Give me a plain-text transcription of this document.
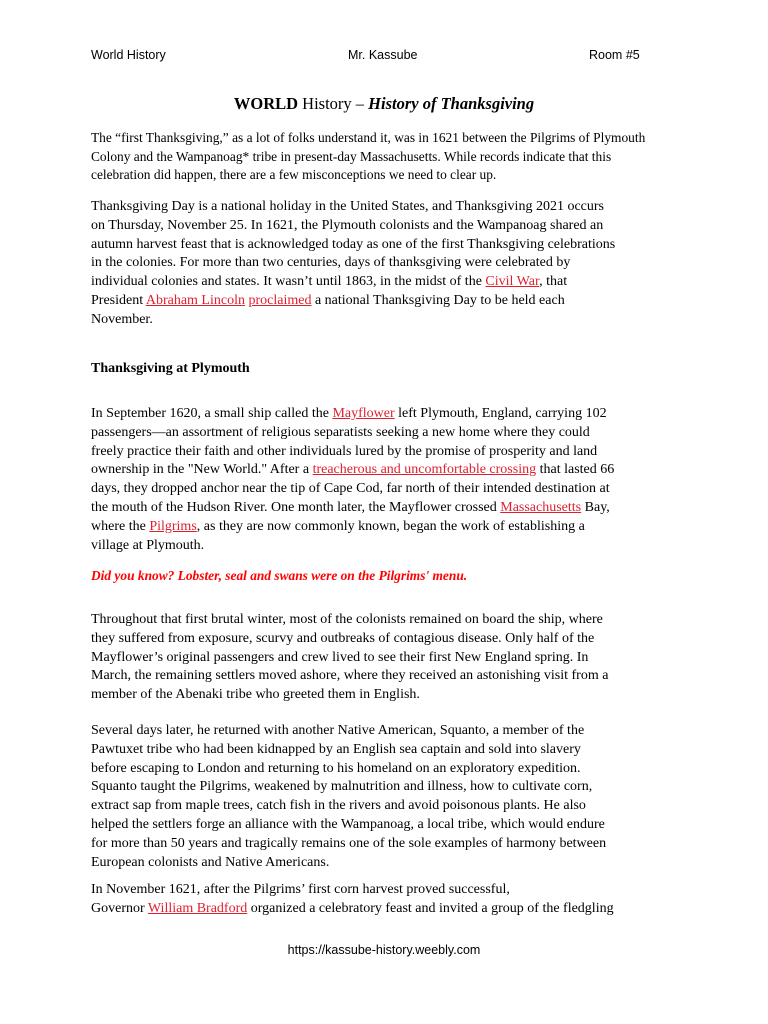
World History	Mr. Kassube	Room #5
WORLD History – History of Thanksgiving
The “first Thanksgiving,” as a lot of folks understand it, was in 1621 between the Pilgrims of Plymouth
Colony and the Wampanoag* tribe in present-day Massachusetts. While records indicate that this
celebration did happen, there are a few misconceptions we need to clear up.
Thanksgiving Day is a national holiday in the United States, and Thanksgiving 2021 occurs
on Thursday, November 25. In 1621, the Plymouth colonists and the Wampanoag shared an
autumn harvest feast that is acknowledged today as one of the first Thanksgiving celebrations
in the colonies. For more than two centuries, days of thanksgiving were celebrated by
individual colonies and states. It wasn’t until 1863, in the midst of the Civil War, that
President Abraham Lincoln proclaimed a national Thanksgiving Day to be held each
November.
Thanksgiving at Plymouth
In September 1620, a small ship called the Mayflower left Plymouth, England, carrying 102
passengers—an assortment of religious separatists seeking a new home where they could
freely practice their faith and other individuals lured by the promise of prosperity and land
ownership in the "New World." After a treacherous and uncomfortable crossing that lasted 66
days, they dropped anchor near the tip of Cape Cod, far north of their intended destination at
the mouth of the Hudson River. One month later, the Mayflower crossed Massachusetts Bay,
where the Pilgrims, as they are now commonly known, began the work of establishing a
village at Plymouth.
Did you know? Lobster, seal and swans were on the Pilgrims' menu.
Throughout that first brutal winter, most of the colonists remained on board the ship, where
they suffered from exposure, scurvy and outbreaks of contagious disease. Only half of the
Mayflower’s original passengers and crew lived to see their first New England spring. In
March, the remaining settlers moved ashore, where they received an astonishing visit from a
member of the Abenaki tribe who greeted them in English.
Several days later, he returned with another Native American, Squanto, a member of the
Pawtuxet tribe who had been kidnapped by an English sea captain and sold into slavery
before escaping to London and returning to his homeland on an exploratory expedition.
Squanto taught the Pilgrims, weakened by malnutrition and illness, how to cultivate corn,
extract sap from maple trees, catch fish in the rivers and avoid poisonous plants. He also
helped the settlers forge an alliance with the Wampanoag, a local tribe, which would endure
for more than 50 years and tragically remains one of the sole examples of harmony between
European colonists and Native Americans.
In November 1621, after the Pilgrims’ first corn harvest proved successful,
Governor William Bradford organized a celebratory feast and invited a group of the fledgling
https://kassube-history.weebly.com
